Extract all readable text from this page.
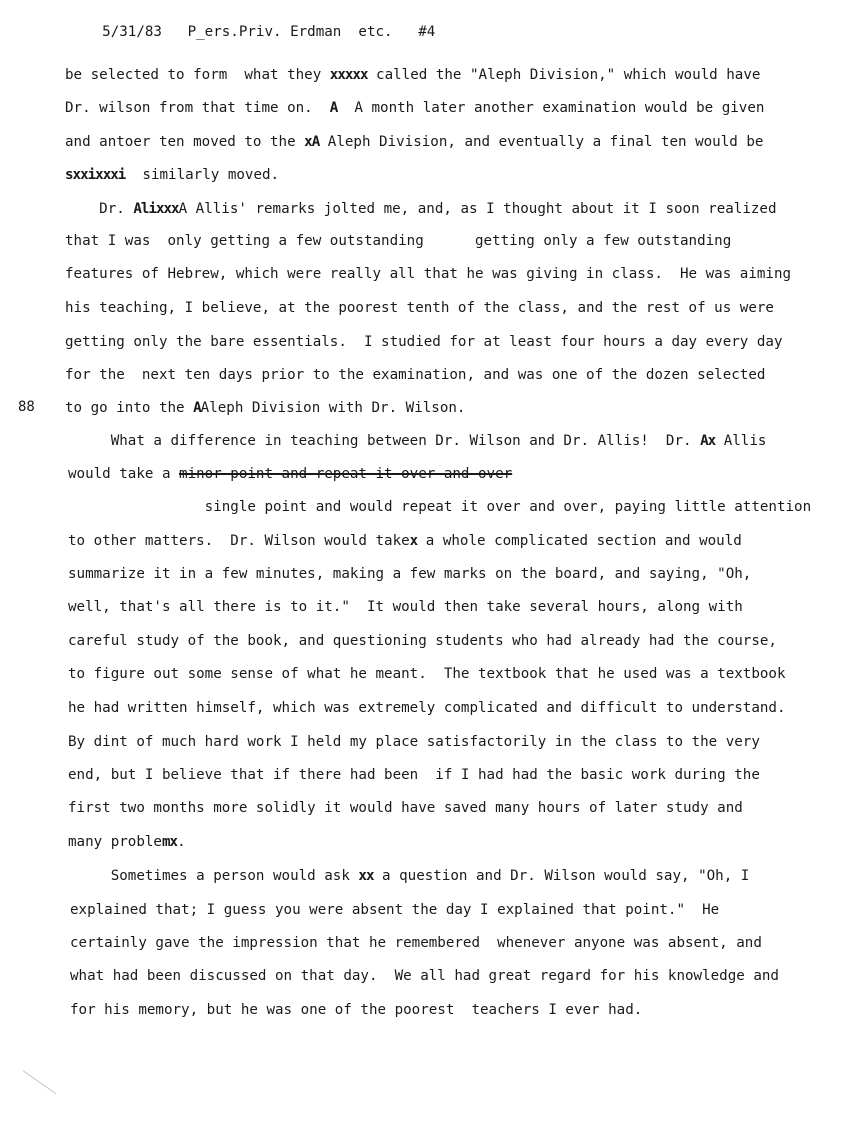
5/31/83 P_ers.Priv. Erdman  etc. #4

88
be selected to form  what they xxxxx called the "Aleph Division," which would have
Dr. wilson from that time on.  A  A month later another examination would be given
and antoer ten moved to the xA Aleph Division, and eventually a final ten would be
sxxixxxi  similarly moved.
Dr. AlixxxA Allis' remarks jolted me, and, as I thought about it I soon realized
that I was  only getting a few outstanding      getting only a few outstanding
features of Hebrew, which were really all that he was giving in class.  He was aiming
his teaching, I believe, at the poorest tenth of the class, and the rest of us were
getting only the bare essentials.  I studied for at least four hours a day every day
for the  next ten days prior to the examination, and was one of the dozen selected
to go into the AAleph Division with Dr. Wilson.
What a difference in teaching between Dr. Wilson and Dr. Allis!  Dr. Ax Allis
would take a minor point and repeat it over and over
single point and would repeat it over and over, paying little attention
to other matters.  Dr. Wilson would takex a whole complicated section and would
summarize it in a few minutes, making a few marks on the board, and saying, "Oh,
well, that's all there is to it."  It would then take several hours, along with
careful study of the book, and questioning students who had already had the course,
to figure out some sense of what he meant.  The textbook that he used was a textbook
he had written himself, which was extremely complicated and difficult to understand.
By dint of much hard work I held my place satisfactorily in the class to the very
end, but I believe that if there had been  if I had had the basic work during the
first two months more solidly it would have saved many hours of later study and
many problemx.
Sometimes a person would ask xx a question and Dr. Wilson would say, "Oh, I
explained that; I guess you were absent the day I explained that point."  He
certainly gave the impression that he remembered  whenever anyone was absent, and
what had been discussed on that day.  We all had great regard for his knowledge and
for his memory, but he was one of the poorest  teachers I ever had.
